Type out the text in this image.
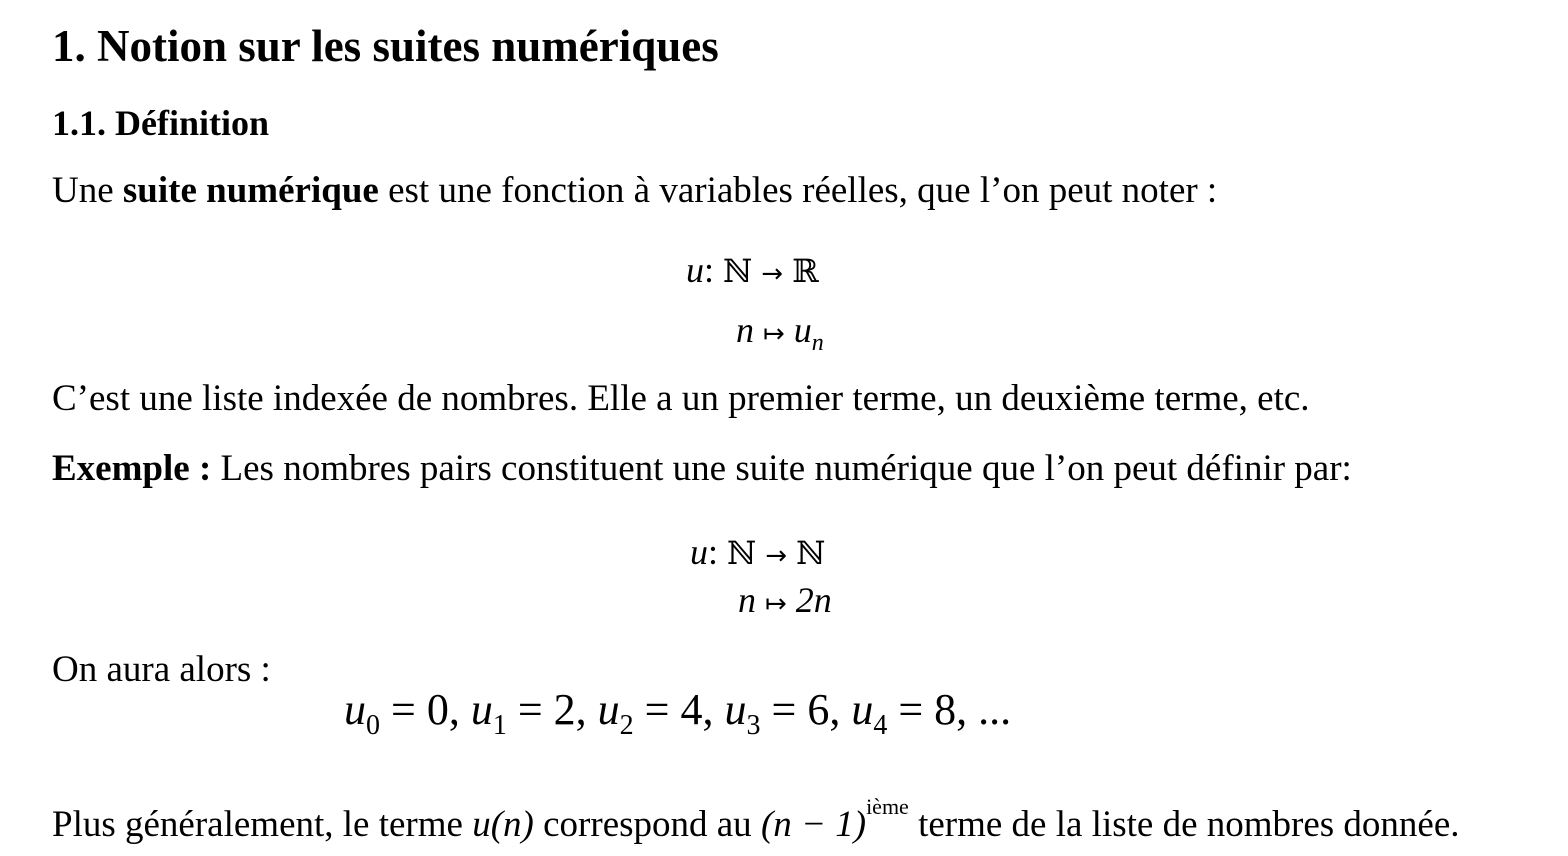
1. Notion sur les suites numériques
1.1. Définition
Une suite numérique est une fonction à variables réelles, que l’on peut noter :
u: ℕ → ℝ
n ↦ $u_n$
C’est une liste indexée de nombres. Elle a un premier terme, un deuxième terme, etc.
Exemple : Les nombres pairs constituent une suite numérique que l’on peut définir par:
u: ℕ → ℕ
n ↦ 2n
On aura alors :
$u_0 = 0$, $u_1 = 2$, $u_2 = 4$, $u_3 = 6$, $u_4 = 8$, ...
Plus généralement, le terme u(n) correspond au $(n - 1)^{ième}$ terme de la liste de nombres donnée.
